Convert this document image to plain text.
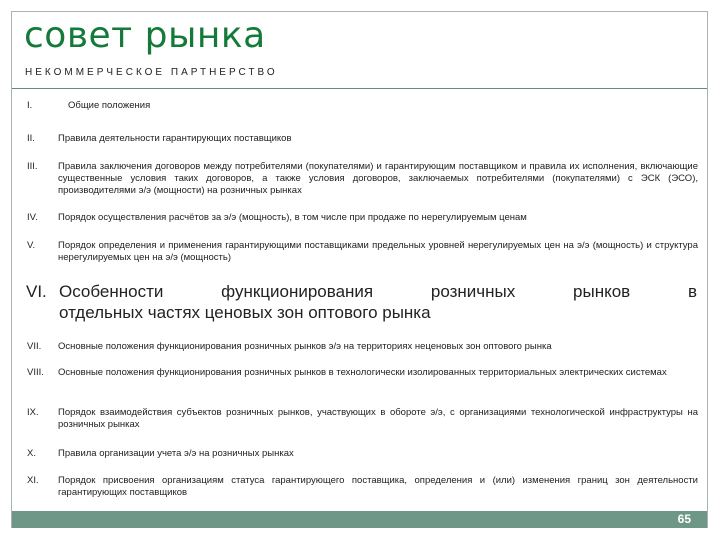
совет рынка
НЕКОММЕРЧЕСКОЕ ПАРТНЕРСТВО
I.	Общие положения
II. Правила деятельности гарантирующих поставщиков
III. Правила заключения договоров между потребителями (покупателями) и гарантирующим поставщиком и правила их исполнения, включающие существенные условия таких договоров, а также условия договоров, заключаемых потребителями (покупателями) с ЭСК (ЭСО), производителями э/э (мощности) на розничных рынках
IV. Порядок осуществления расчётов за э/э (мощность), в том числе при продаже по нерегулируемым ценам
V. Порядок определения и применения гарантирующими поставщиками предельных уровней нерегулируемых цен на э/э (мощность) и структура нерегулируемых цен на э/э (мощность)
VI. Особенности функционирования розничных рынков в
отдельных частях ценовых зон оптового рынка
VII. Основные положения функционирования розничных рынков э/э на территориях неценовых зон оптового рынка
VIII. Основные положения функционирования розничных рынков в технологически изолированных территориальных электрических системах
IX. Порядок взаимодействия субъектов розничных рынков, участвующих в обороте э/э, с организациями технологической инфраструктуры на розничных рынках
X. Правила организации учета э/э на розничных рынках
XI. Порядок присвоения организациям статуса гарантирующего поставщика, определения и (или) изменения границ зон деятельности гарантирующих поставщиков
65
